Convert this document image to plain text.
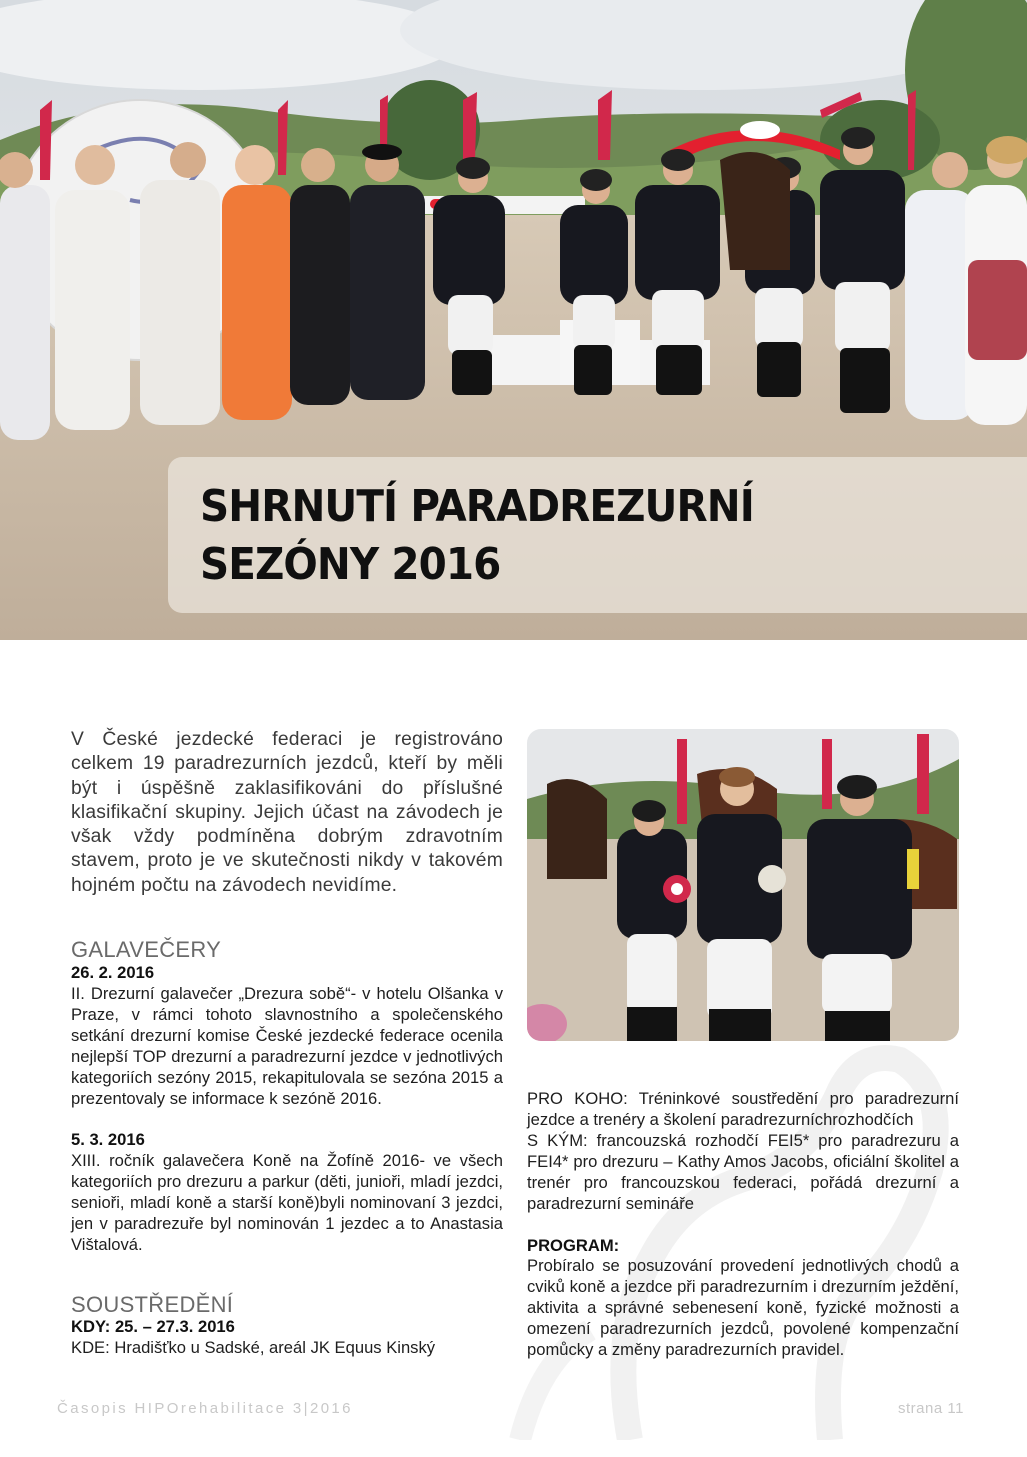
SHRNUTÍ PARADREZURNÍ
SEZÓNY 2016
V České jezdecké federaci je registrováno celkem 19 paradrezurních jezdců, kteří by měli být i úspěšně zaklasifikováni do příslušné klasifikační skupiny. Jejich účast na závodech je však vždy podmíněna dobrým zdravotním stavem, proto je ve skutečnosti nikdy v takovém hojném počtu na závodech nevidíme.
GALAVEČERY
26. 2. 2016
II. Drezurní galavečer „Drezura sobě“- v hotelu Olšanka v Praze, v rámci tohoto slavnostního a společenského setkání drezurní komise České jezdecké federace ocenila nejlepší TOP drezurní a paradrezurní jezdce v jednotlivých kategoriích sezóny 2015, rekapitulovala se sezóna 2015 a prezentovaly se informace k sezóně 2016.
5. 3. 2016
XIII. ročník galavečera Koně na Žofíně 2016- ve všech kategoriích pro drezuru a parkur (děti, junioři, mladí jezdci, senioři, mladí koně a starší koně)byli nominovaní 3 jezdci, jen v paradrezuře byl nominován 1 jezdec a to Anastasia Vištalová.
SOUSTŘEDĚNÍ
KDY: 25. – 27.3. 2016
KDE: Hradišťko u Sadské, areál JK Equus Kinský
PRO KOHO: Tréninkové soustředění pro paradrezurní jezdce a trenéry a školení paradrezurníchrozhodčích
S KÝM: francouzská rozhodčí FEI5* pro paradrezuru a FEI4* pro drezuru – Kathy Amos Jacobs, oficiální školitel a trenér pro francouzskou federaci, pořádá drezurní a paradrezurní semináře
PROGRAM:
Probíralo se posuzování provedení jednotlivých chodů a cviků koně a jezdce při paradrezurním i drezurním ježdění, aktivita a správné sebenesení koně, fyzické možnosti a omezení paradrezurních jezdců, povolené kompenzační pomůcky a změny paradrezurních pravidel.
Časopis HIPOrehabilitace 3|2016	strana 11
